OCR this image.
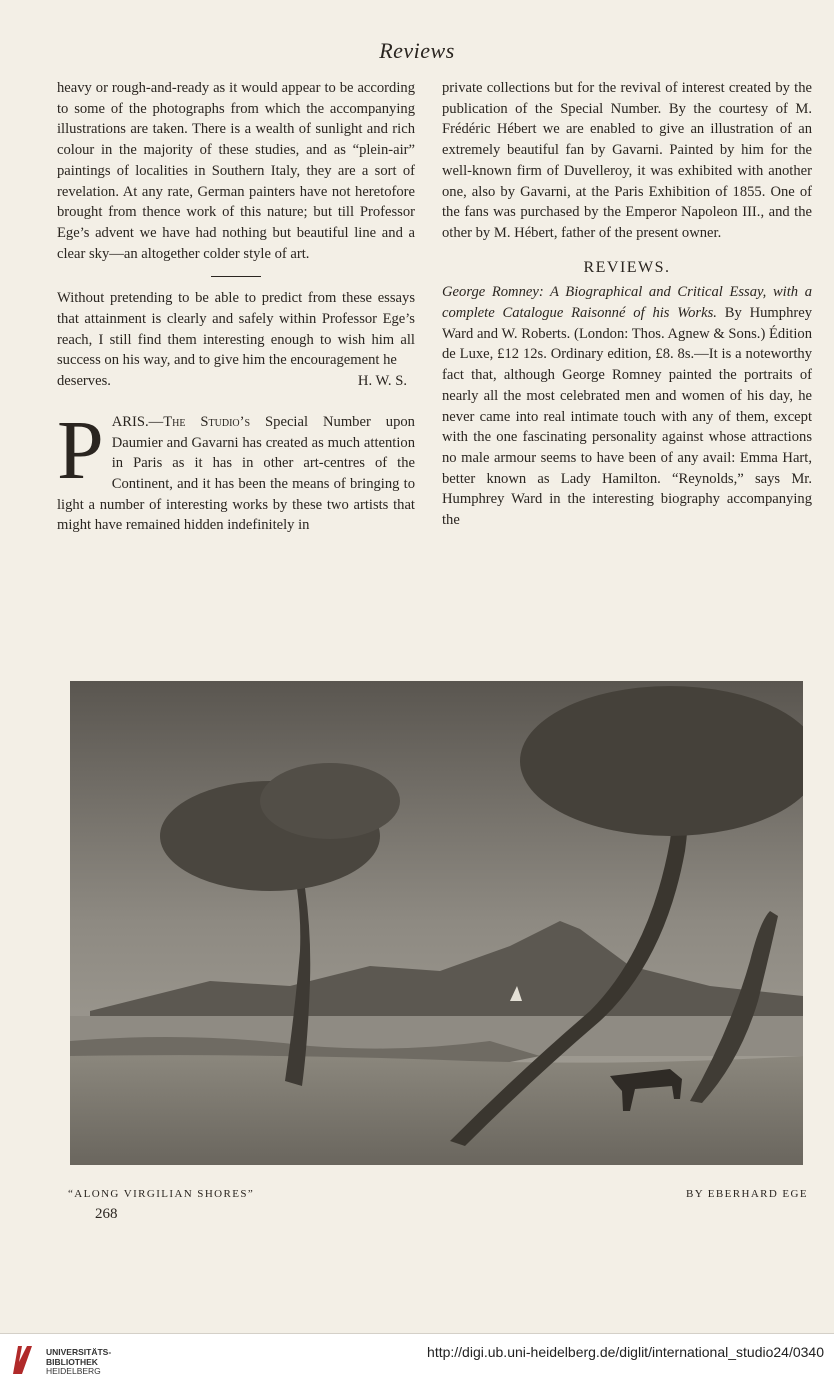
Reviews

heavy or rough-and-ready as it would appear to be according to some of the photographs from which the accompanying illustrations are taken. There is a wealth of sunlight and rich colour in the majority of these studies, and as “plein-air” paintings of localities in Southern Italy, they are a sort of revelation. At any rate, German painters have not heretofore brought from thence work of this nature; but till Professor Ege’s advent we have had nothing but beautiful line and a clear sky—an altogether colder style of art.

Without pretending to be able to predict from these essays that attainment is clearly and safely within Professor Ege’s reach, I still find them interesting enough to wish him all success on his way, and to give him the encouragement he

deserves.	H. W. S.

PARIS.—The Studio’s Special Number upon Daumier and Gavarni has created as much attention in Paris as it has in other art-centres of the Continent, and it has been the means of bringing to light a number of interesting works by these two artists that might have remained hidden indefinitely in

private collections but for the revival of interest created by the publication of the Special Number. By the courtesy of M. Frédéric Hébert we are enabled to give an illustration of an extremely beautiful fan by Gavarni. Painted by him for the well-known firm of Duvelleroy, it was exhibited with another one, also by Gavarni, at the Paris Exhibition of 1855. One of the fans was purchased by the Emperor Napoleon III., and the other by M. Hébert, father of the present owner.

REVIEWS.

George Romney: A Biographical and Critical Essay, with a complete Catalogue Raisonné of his Works. By Humphrey Ward and W. Roberts. (London: Thos. Agnew & Sons.) Édition de Luxe, £12 12s. Ordinary edition, £8. 8s.—It is a noteworthy fact that, although George Romney painted the portraits of nearly all the most celebrated men and women of his day, he never came into real intimate touch with any of them, except with the one fascinating personality against whose attractions no male armour seems to have been of any avail: Emma Hart, better known as Lady Hamilton. “Reynolds,” says Mr. Humphrey Ward in the interesting biography accompanying the

“ALONG VIRGILIAN SHORES”	BY EBERHARD EGE
268
UNIVERSITÄTS-
BIBLIOTHEK
HEIDELBERG
http://digi.ub.uni-heidelberg.de/diglit/international_studio24/0340
